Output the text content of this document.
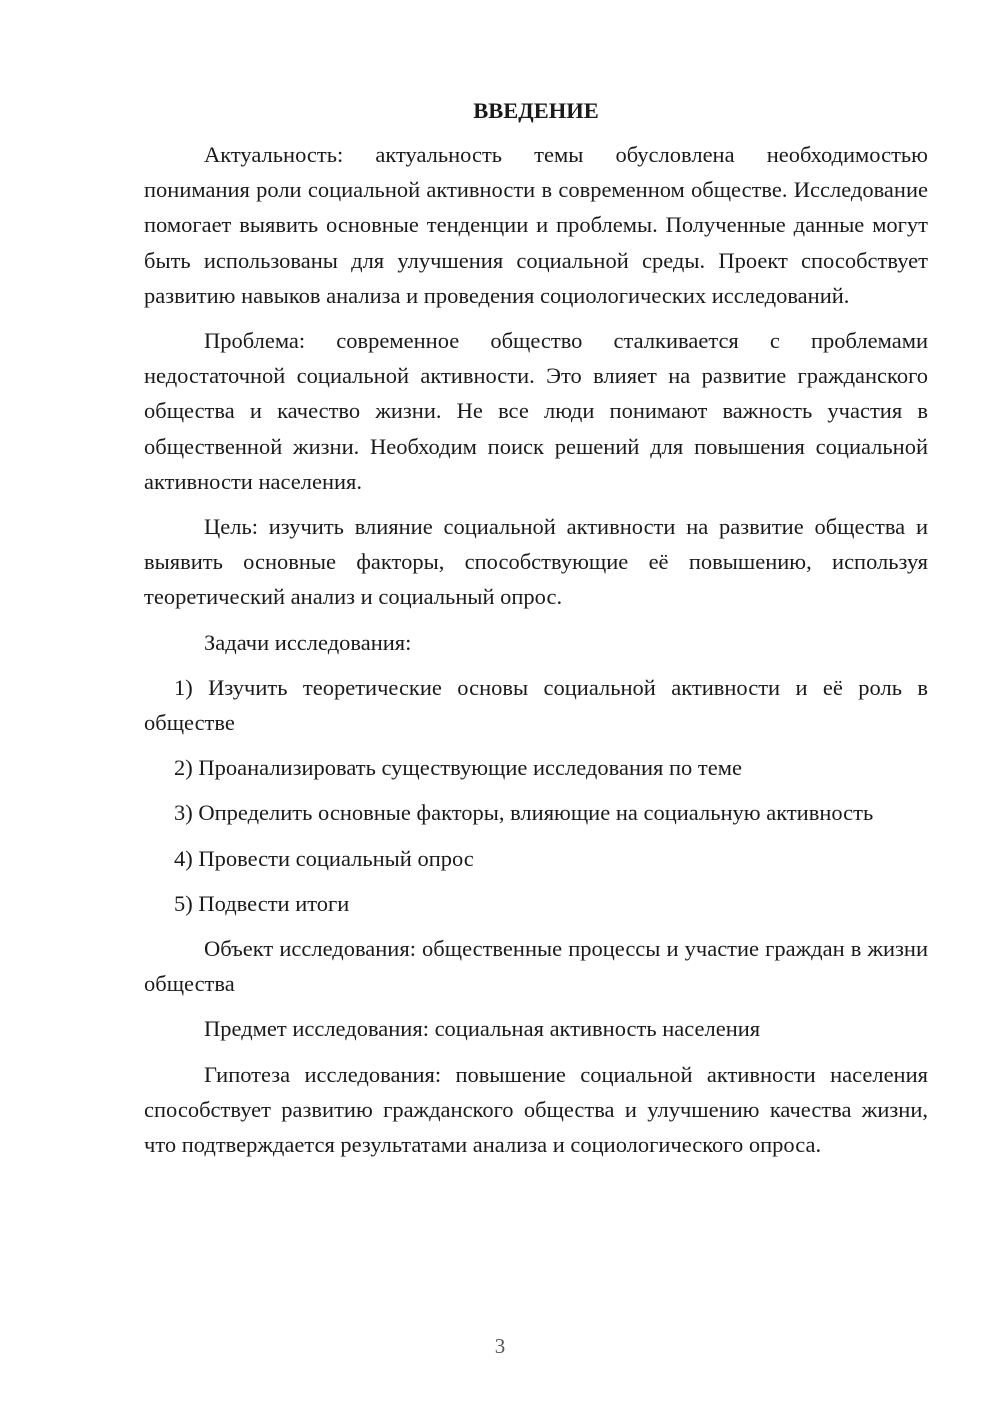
ВВЕДЕНИЕ

Актуальность: актуальность темы обусловлена необходимостью понимания роли социальной активности в современном обществе. Исследование помогает выявить основные тенденции и проблемы. Полученные данные могут быть использованы для улучшения социальной среды. Проект способствует развитию навыков анализа и проведения социологических исследований.

Проблема: современное общество сталкивается с проблемами недостаточной социальной активности. Это влияет на развитие гражданского общества и качество жизни. Не все люди понимают важность участия в общественной жизни. Необходим поиск решений для повышения социальной активности населения.

Цель: изучить влияние социальной активности на развитие общества и выявить основные факторы, способствующие её повышению, используя теоретический анализ и социальный опрос.

Задачи исследования:

1) Изучить теоретические основы социальной активности и её роль в обществе

2) Проанализировать существующие исследования по теме

3) Определить основные факторы, влияющие на социальную активность

4) Провести социальный опрос

5) Подвести итоги

Объект исследования: общественные процессы и участие граждан в жизни общества

Предмет исследования: социальная активность населения

Гипотеза исследования: повышение социальной активности населения способствует развитию гражданского общества и улучшению качества жизни, что подтверждается результатами анализа и социологического опроса.

3
